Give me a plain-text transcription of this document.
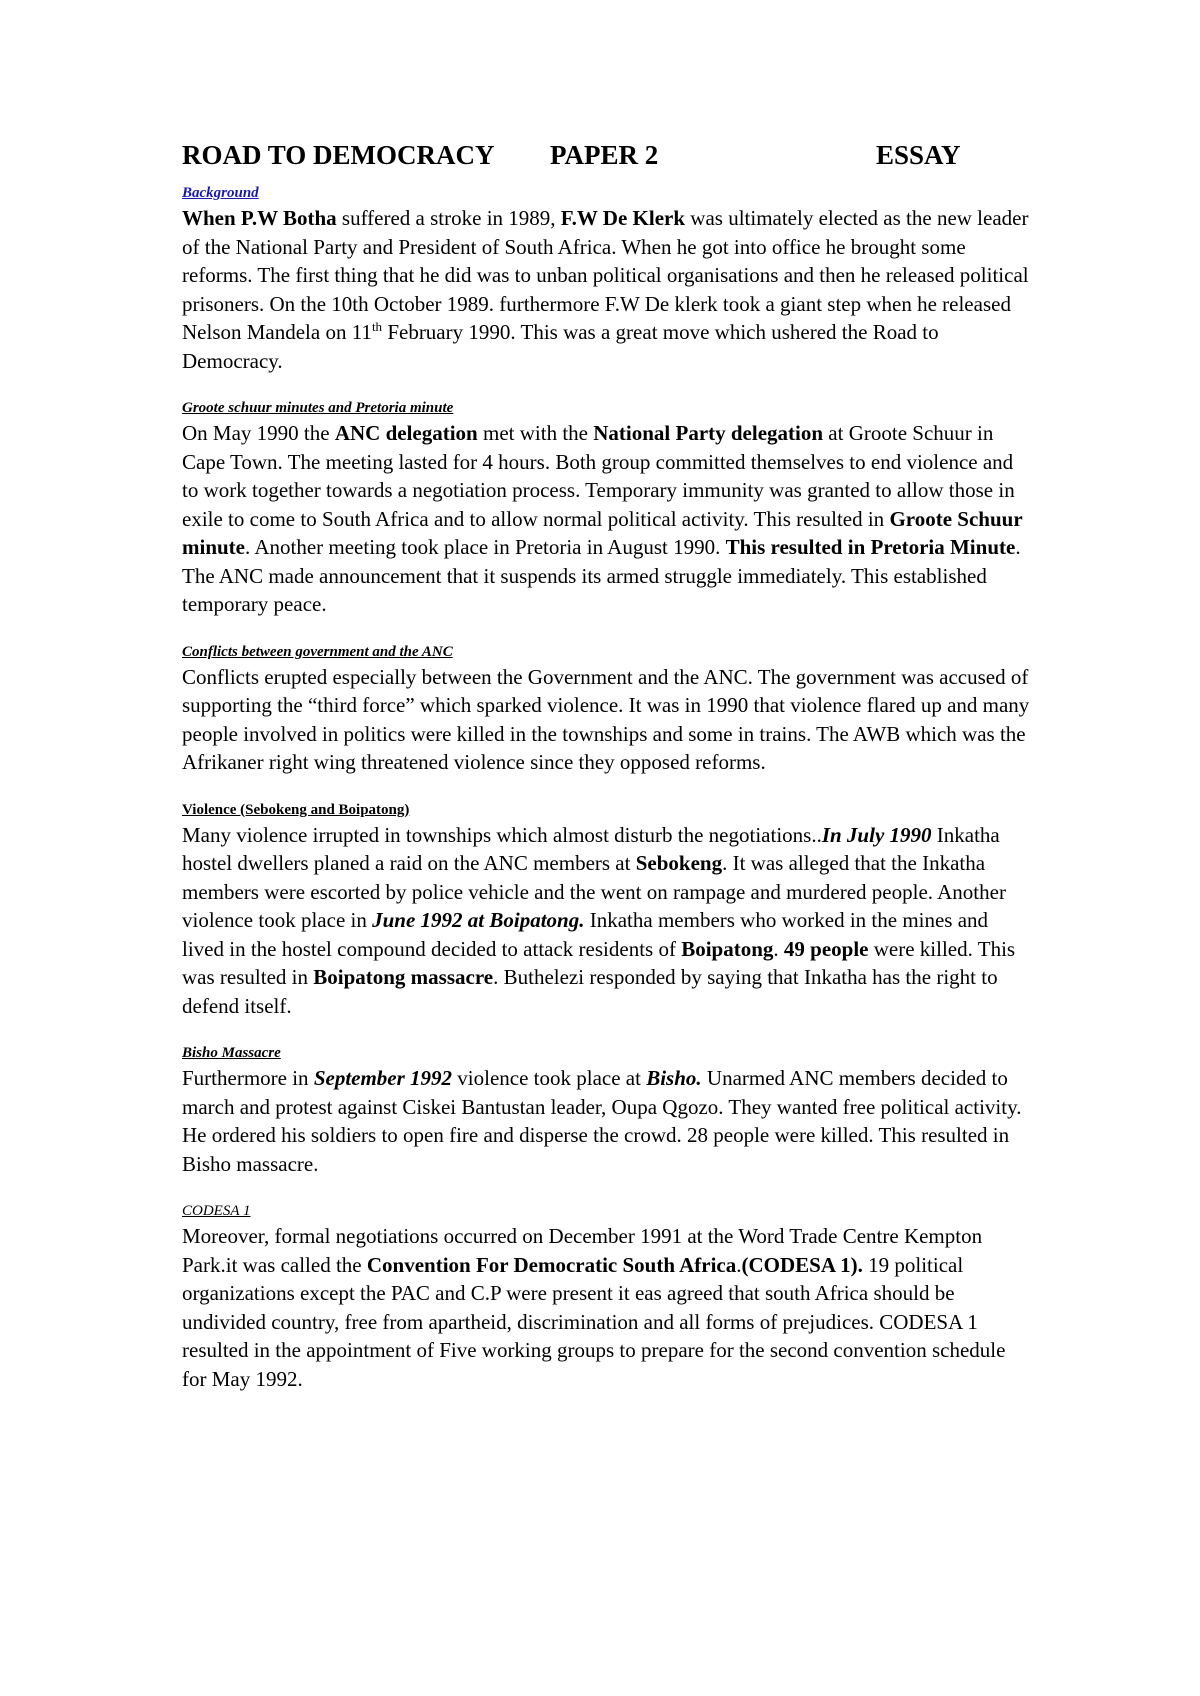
ROAD TO DEMOCRACY PAPER 2	ESSAY
Background

When P.W Botha suffered a stroke in 1989, F.W De Klerk was ultimately elected as the new leader of the National Party and President of South Africa. When he got into office he brought some reforms. The first thing that he did was to unban political organisations and then he released political prisoners. On the 10th October 1989. furthermore F.W De klerk took a giant step when he released Nelson Mandela on 11th February 1990. This was a great move which ushered the Road to Democracy.

Groote schuur minutes and Pretoria minute

On May 1990 the ANC delegation met with the National Party delegation at Groote Schuur in Cape Town. The meeting lasted for 4 hours. Both group committed themselves to end violence and to work together towards a negotiation process. Temporary immunity was granted to allow those in exile to come to South Africa and to allow normal political activity. This resulted in Groote Schuur minute. Another meeting took place in Pretoria in August 1990. This resulted in Pretoria Minute. The ANC made announcement that it suspends its armed struggle immediately. This established temporary peace.

Conflicts between government and the ANC

Conflicts erupted especially between the Government and the ANC. The government was accused of supporting the “third force” which sparked violence. It was in 1990 that violence flared up and many people involved in politics were killed in the townships and some in trains. The AWB which was the Afrikaner right wing threatened violence since they opposed reforms.

Violence (Sebokeng and Boipatong)

Many violence irrupted in townships which almost disturb the negotiations..In July 1990 Inkatha hostel dwellers planed a raid on the ANC members at Sebokeng. It was alleged that the Inkatha members were escorted by police vehicle and the went on rampage and murdered people. Another violence took place in June 1992 at Boipatong. Inkatha members who worked in the mines and lived in the hostel compound decided to attack residents of Boipatong. 49 people were killed. This was resulted in Boipatong massacre. Buthelezi responded by saying that Inkatha has the right to defend itself.

Bisho Massacre

Furthermore in September 1992 violence took place at Bisho. Unarmed ANC members decided to march and protest against Ciskei Bantustan leader, Oupa Qgozo. They wanted free political activity. He ordered his soldiers to open fire and disperse the crowd. 28 people were killed. This resulted in Bisho massacre.

CODESA 1

Moreover, formal negotiations occurred on December 1991 at the Word Trade Centre Kempton Park.it was called the Convention For Democratic South Africa.(CODESA 1). 19 political organizations except the PAC and C.P were present it eas agreed that south Africa should be undivided country, free from apartheid, discrimination and all forms of prejudices. CODESA 1 resulted in the appointment of Five working groups to prepare for the second convention schedule for May 1992.
